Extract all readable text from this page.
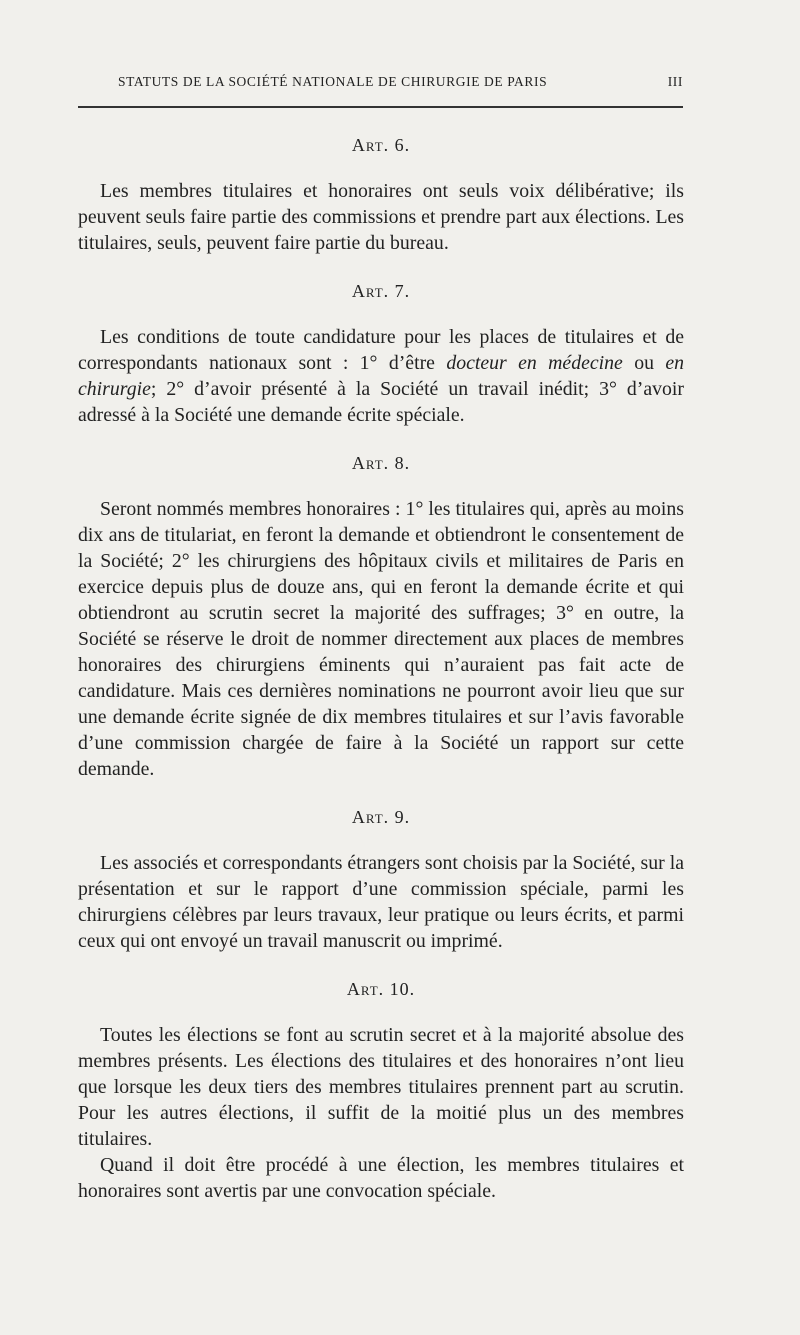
STATUTS DE LA SOCIÉTÉ NATIONALE DE CHIRURGIE DE PARIS	III
Art. 6.

Les membres titulaires et honoraires ont seuls voix délibérative; ils peuvent seuls faire partie des commissions et prendre part aux élections. Les titulaires, seuls, peuvent faire partie du bureau.

Art. 7.

Les conditions de toute candidature pour les places de titulaires et de correspondants nationaux sont : 1° d’être docteur en médecine ou en chirurgie; 2° d’avoir présenté à la Société un travail inédit; 3° d’avoir adressé à la Société une demande écrite spéciale.

Art. 8.

Seront nommés membres honoraires : 1° les titulaires qui, après au moins dix ans de titulariat, en feront la demande et obtiendront le consentement de la Société; 2° les chirurgiens des hôpitaux civils et militaires de Paris en exercice depuis plus de douze ans, qui en feront la demande écrite et qui obtiendront au scrutin secret la majorité des suffrages; 3° en outre, la Société se réserve le droit de nommer directement aux places de membres honoraires des chirurgiens éminents qui n’auraient pas fait acte de candidature. Mais ces dernières nominations ne pourront avoir lieu que sur une demande écrite signée de dix membres titulaires et sur l’avis favorable d’une commission chargée de faire à la Société un rapport sur cette demande.

Art. 9.

Les associés et correspondants étrangers sont choisis par la Société, sur la présentation et sur le rapport d’une commission spéciale, parmi les chirurgiens célèbres par leurs travaux, leur pratique ou leurs écrits, et parmi ceux qui ont envoyé un travail manuscrit ou imprimé.

Art. 10.

Toutes les élections se font au scrutin secret et à la majorité absolue des membres présents. Les élections des titulaires et des honoraires n’ont lieu que lorsque les deux tiers des membres titulaires prennent part au scrutin. Pour les autres élections, il suffit de la moitié plus un des membres titulaires.

Quand il doit être procédé à une élection, les membres titulaires et honoraires sont avertis par une convocation spéciale.
